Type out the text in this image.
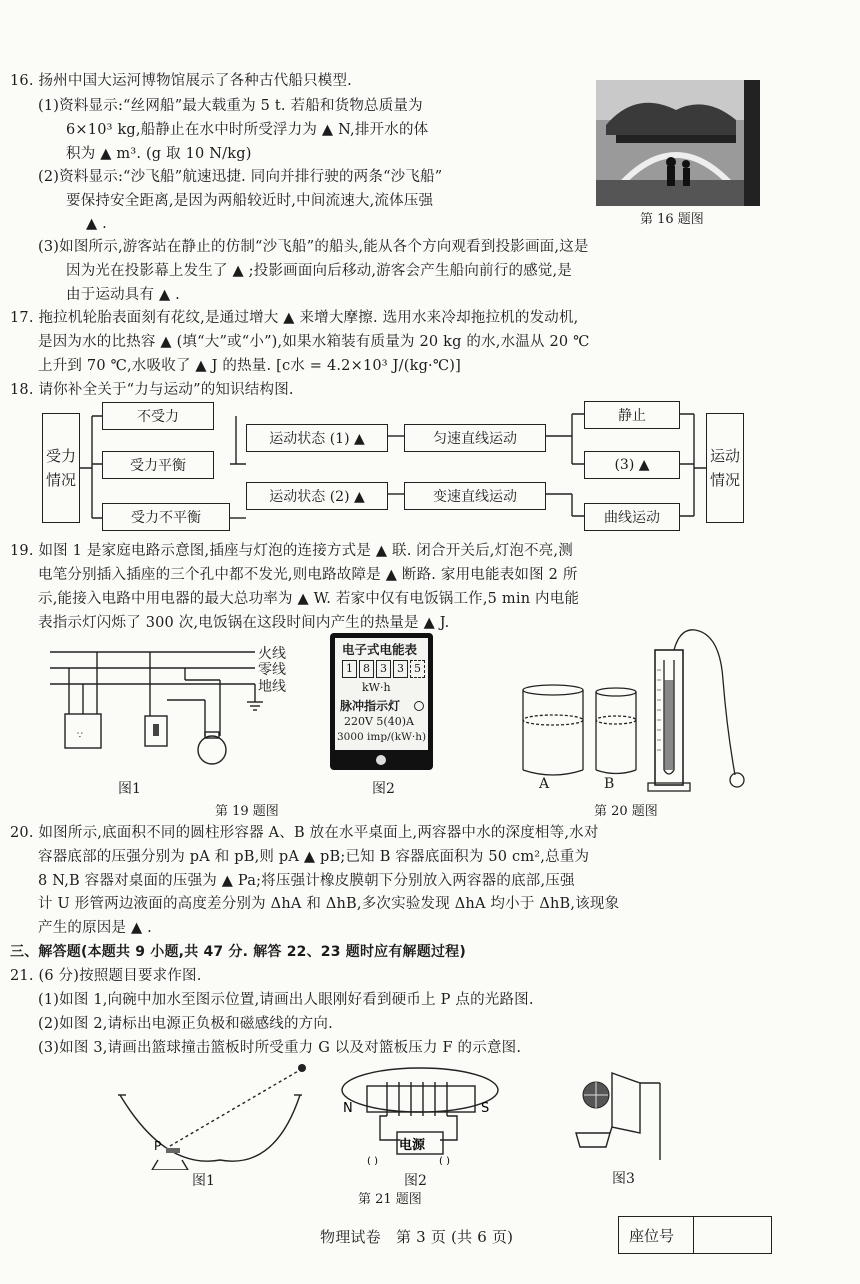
16. 扬州中国大运河博物馆展示了各种古代船只模型.
(1)资料显示:“丝网船”最大载重为 5 t. 若船和货物总质量为
6×10³ kg,船静止在水中时所受浮力为 ▲ N,排开水的体
积为 ▲ m³. (g 取 10 N/kg)
(2)资料显示:“沙飞船”航速迅捷. 同向并排行驶的两条“沙飞船”
要保持安全距离,是因为两船较近时,中间流速大,流体压强
▲ .
(3)如图所示,游客站在静止的仿制“沙飞船”的船头,能从各个方向观看到投影画面,这是
因为光在投影幕上发生了 ▲ ;投影画面向后移动,游客会产生船向前行的感觉,是
由于运动具有 ▲ .
第 16 题图
17. 拖拉机轮胎表面刻有花纹,是通过增大 ▲ 来增大摩擦. 选用水来冷却拖拉机的发动机,
是因为水的比热容 ▲ (填“大”或“小”),如果水箱装有质量为 20 kg 的水,水温从 20 ℃
上升到 70 ℃,水吸收了 ▲ J 的热量. [c水 = 4.2×10³ J/(kg·℃)]
18. 请你补全关于“力与运动”的知识结构图.
受力情况
运动情况
不受力
受力平衡
受力不平衡
运动状态 (1) ▲
运动状态 (2) ▲
匀速直线运动
变速直线运动
静止
(3) ▲
曲线运动
19. 如图 1 是家庭电路示意图,插座与灯泡的连接方式是 ▲ 联. 闭合开关后,灯泡不亮,测
电笔分别插入插座的三个孔中都不发光,则电路故障是 ▲ 断路. 家用电能表如图 2 所
示,能接入电路中用电器的最大总功率为 ▲ W. 若家中仅有电饭锅工作,5 min 内电能
表指示灯闪烁了 300 次,电饭锅在这段时间内产生的热量是 ▲ J.
∵
火线
零线
地线
图1
电子式电能表
1 8 3 3 5
kW·h
脉冲指示灯
220V 5(40)A
3000 imp/(kW·h)
图2
第 19 题图
A	B
第 20 题图
20. 如图所示,底面积不同的圆柱形容器 A、B 放在水平桌面上,两容器中水的深度相等,水对
容器底部的压强分别为 pA 和 pB,则 pA ▲ pB;已知 B 容器底面积为 50 cm²,总重为
8 N,B 容器对桌面的压强为 ▲ Pa;将压强计橡皮膜朝下分别放入两容器的底部,压强
计 U 形管两边液面的高度差分别为 ΔhA 和 ΔhB,多次实验发现 ΔhA 均小于 ΔhB,该现象
产生的原因是 ▲ .
三、解答题(本题共 9 小题,共 47 分. 解答 22、23 题时应有解题过程)
21. (6 分)按照题目要求作图.
(1)如图 1,向碗中加水至图示位置,请画出人眼刚好看到硬币上 P 点的光路图.
(2)如图 2,请标出电源正负极和磁感线的方向.
(3)如图 3,请画出篮球撞击篮板时所受重力 G 以及对篮板压力 F 的示意图.
P
图1
N	S
电源
( )	( )
图2	图3
第 21 题图
物理试卷　第 3 页 (共 6 页)	座位号
